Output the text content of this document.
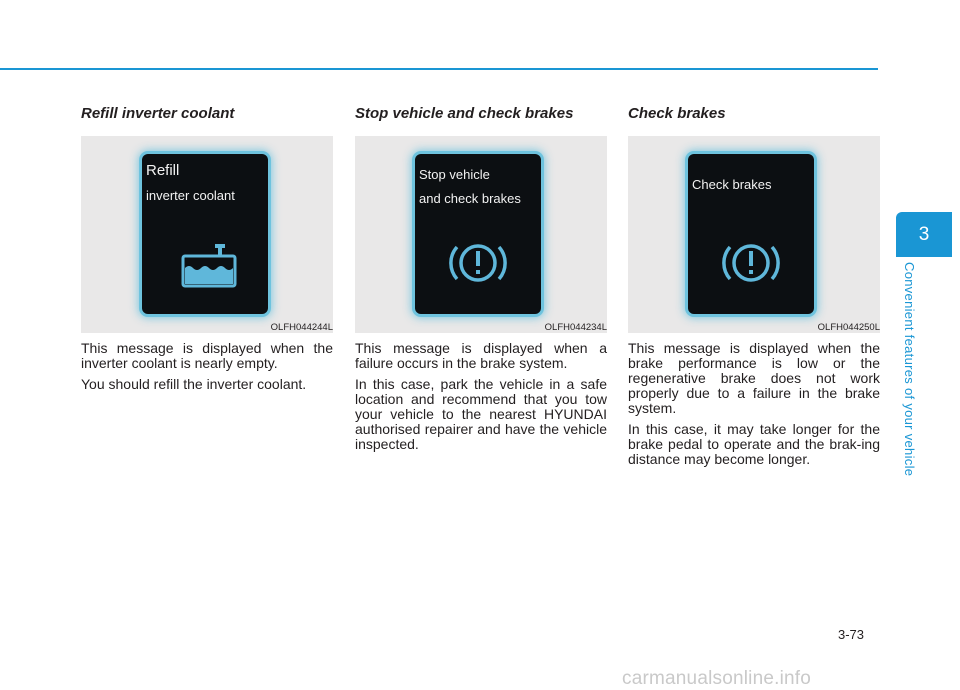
Refill inverter coolant
Refill
inverter coolant
OLFH044244L

This message is displayed when the inverter coolant is nearly empty.

You should refill the inverter coolant.

Stop vehicle and check brakes
Stop vehicle
and check brakes
OLFH044234L

This message is displayed when a failure occurs in the brake system.

In this case, park the vehicle in a safe location and recommend that you tow your vehicle to the nearest HYUNDAI authorised repairer and have the vehicle inspected.

Check brakes
Check brakes
OLFH044250L

This message is displayed when the brake performance is low or the regenerative brake does not work properly due to a failure in the brake system.

In this case, it may take longer for the brake pedal to operate and the brak-ing distance may become longer.

3
Convenient features of your vehicle
3-73
carmanualsonline.info
